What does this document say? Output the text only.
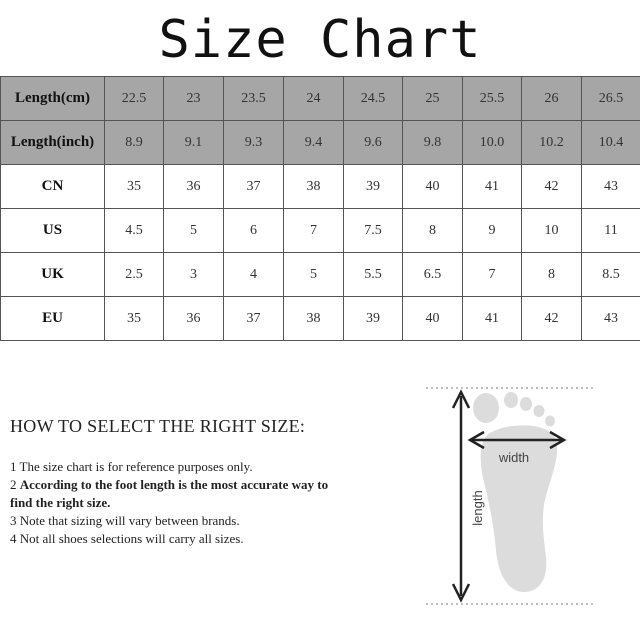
Size Chart
Length(cm)	22.5	23	23.5	24	24.5	25	25.5	26	26.5
Length(inch)	8.9	9.1	9.3	9.4	9.6	9.8	10.0	10.2	10.4
CN	35	36	37	38	39	40	41	42	43
US	4.5	5	6	7	7.5	8	9	10	11
UK	2.5	3	4	5	5.5	6.5	7	8	8.5
EU	35	36	37	38	39	40	41	42	43
HOW TO SELECT THE RIGHT SIZE:

1 The size chart is for reference purposes only.

2 According to the foot length is the most accurate way to find the right size.

3 Note that sizing will vary between brands.

4 Not all shoes selections will carry all sizes.

width
length
